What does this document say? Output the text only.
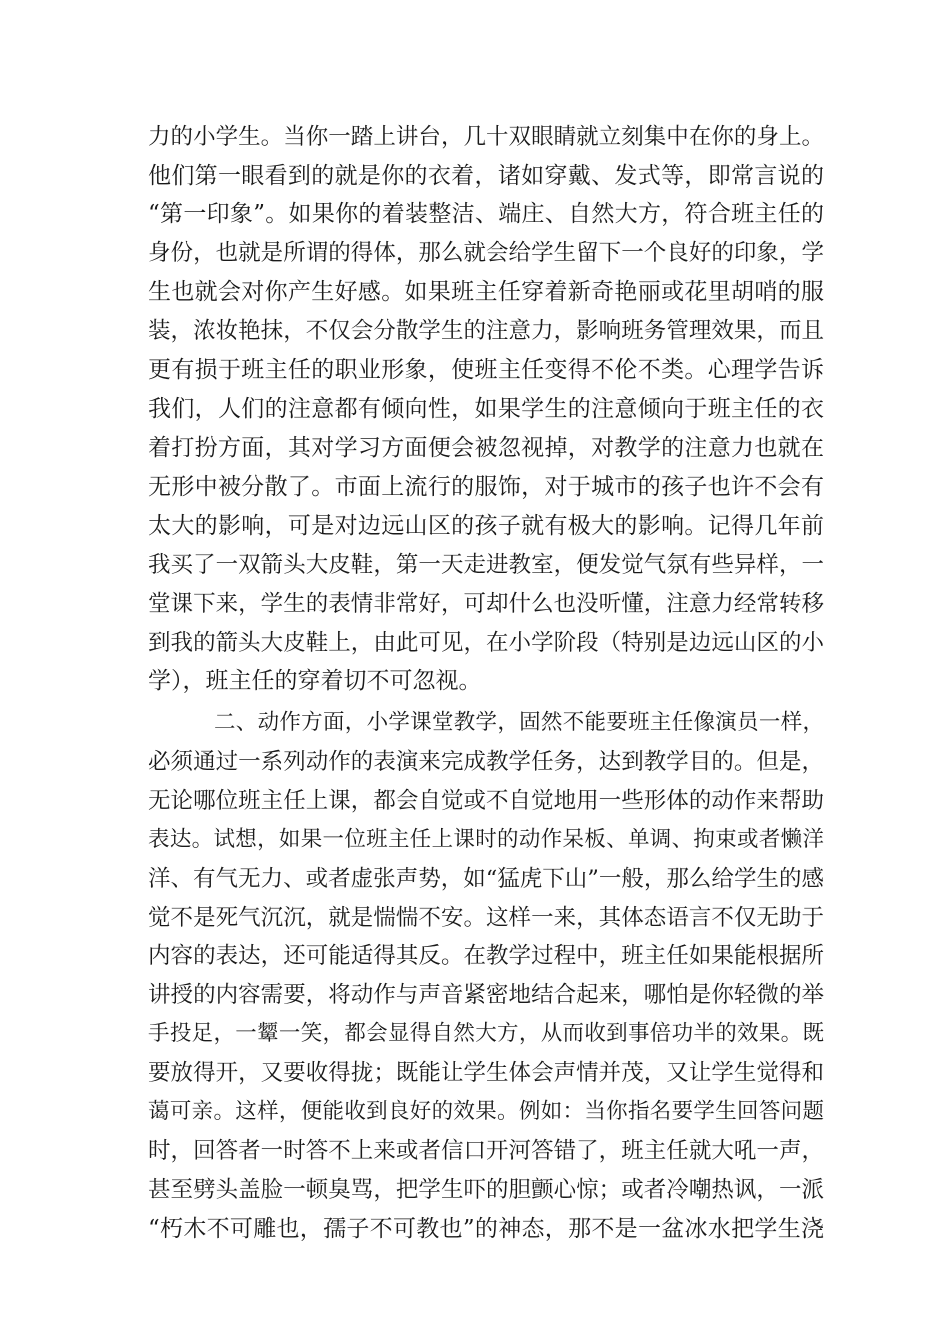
力的小学生。当你一踏上讲台，几十双眼睛就立刻集中在你的身上。
他们第一眼看到的就是你的衣着，诸如穿戴、发式等，即常言说的
“第一印象”。如果你的着装整洁、端庄、自然大方，符合班主任的
身份，也就是所谓的得体，那么就会给学生留下一个良好的印象，学
生也就会对你产生好感。如果班主任穿着新奇艳丽或花里胡哨的服
装，浓妆艳抹，不仅会分散学生的注意力，影响班务管理效果，而且
更有损于班主任的职业形象，使班主任变得不伦不类。心理学告诉
我们，人们的注意都有倾向性，如果学生的注意倾向于班主任的衣
着打扮方面，其对学习方面便会被忽视掉，对教学的注意力也就在
无形中被分散了。市面上流行的服饰，对于城市的孩子也许不会有
太大的影响，可是对边远山区的孩子就有极大的影响。记得几年前
我买了一双箭头大皮鞋，第一天走进教室，便发觉气氛有些异样，一
堂课下来，学生的表情非常好，可却什么也没听懂，注意力经常转移
到我的箭头大皮鞋上，由此可见，在小学阶段（特别是边远山区的小
学），班主任的穿着切不可忽视。
二、动作方面，小学课堂教学，固然不能要班主任像演员一样，
必须通过一系列动作的表演来完成教学任务，达到教学目的。但是，
无论哪位班主任上课，都会自觉或不自觉地用一些形体的动作来帮助
表达。试想，如果一位班主任上课时的动作呆板、单调、拘束或者懒洋
洋、有气无力、或者虚张声势，如“猛虎下山”一般，那么给学生的感
觉不是死气沉沉，就是惴惴不安。这样一来，其体态语言不仅无助于
内容的表达，还可能适得其反。在教学过程中，班主任如果能根据所
讲授的内容需要，将动作与声音紧密地结合起来，哪怕是你轻微的举
手投足，一颦一笑，都会显得自然大方，从而收到事倍功半的效果。既
要放得开，又要收得拢；既能让学生体会声情并茂，又让学生觉得和
蔼可亲。这样，便能收到良好的效果。例如：当你指名要学生回答问题
时，回答者一时答不上来或者信口开河答错了，班主任就大吼一声，
甚至劈头盖脸一顿臭骂，把学生吓的胆颤心惊；或者冷嘲热讽，一派
“朽木不可雕也，孺子不可教也”的神态，那不是一盆冰水把学生浇
